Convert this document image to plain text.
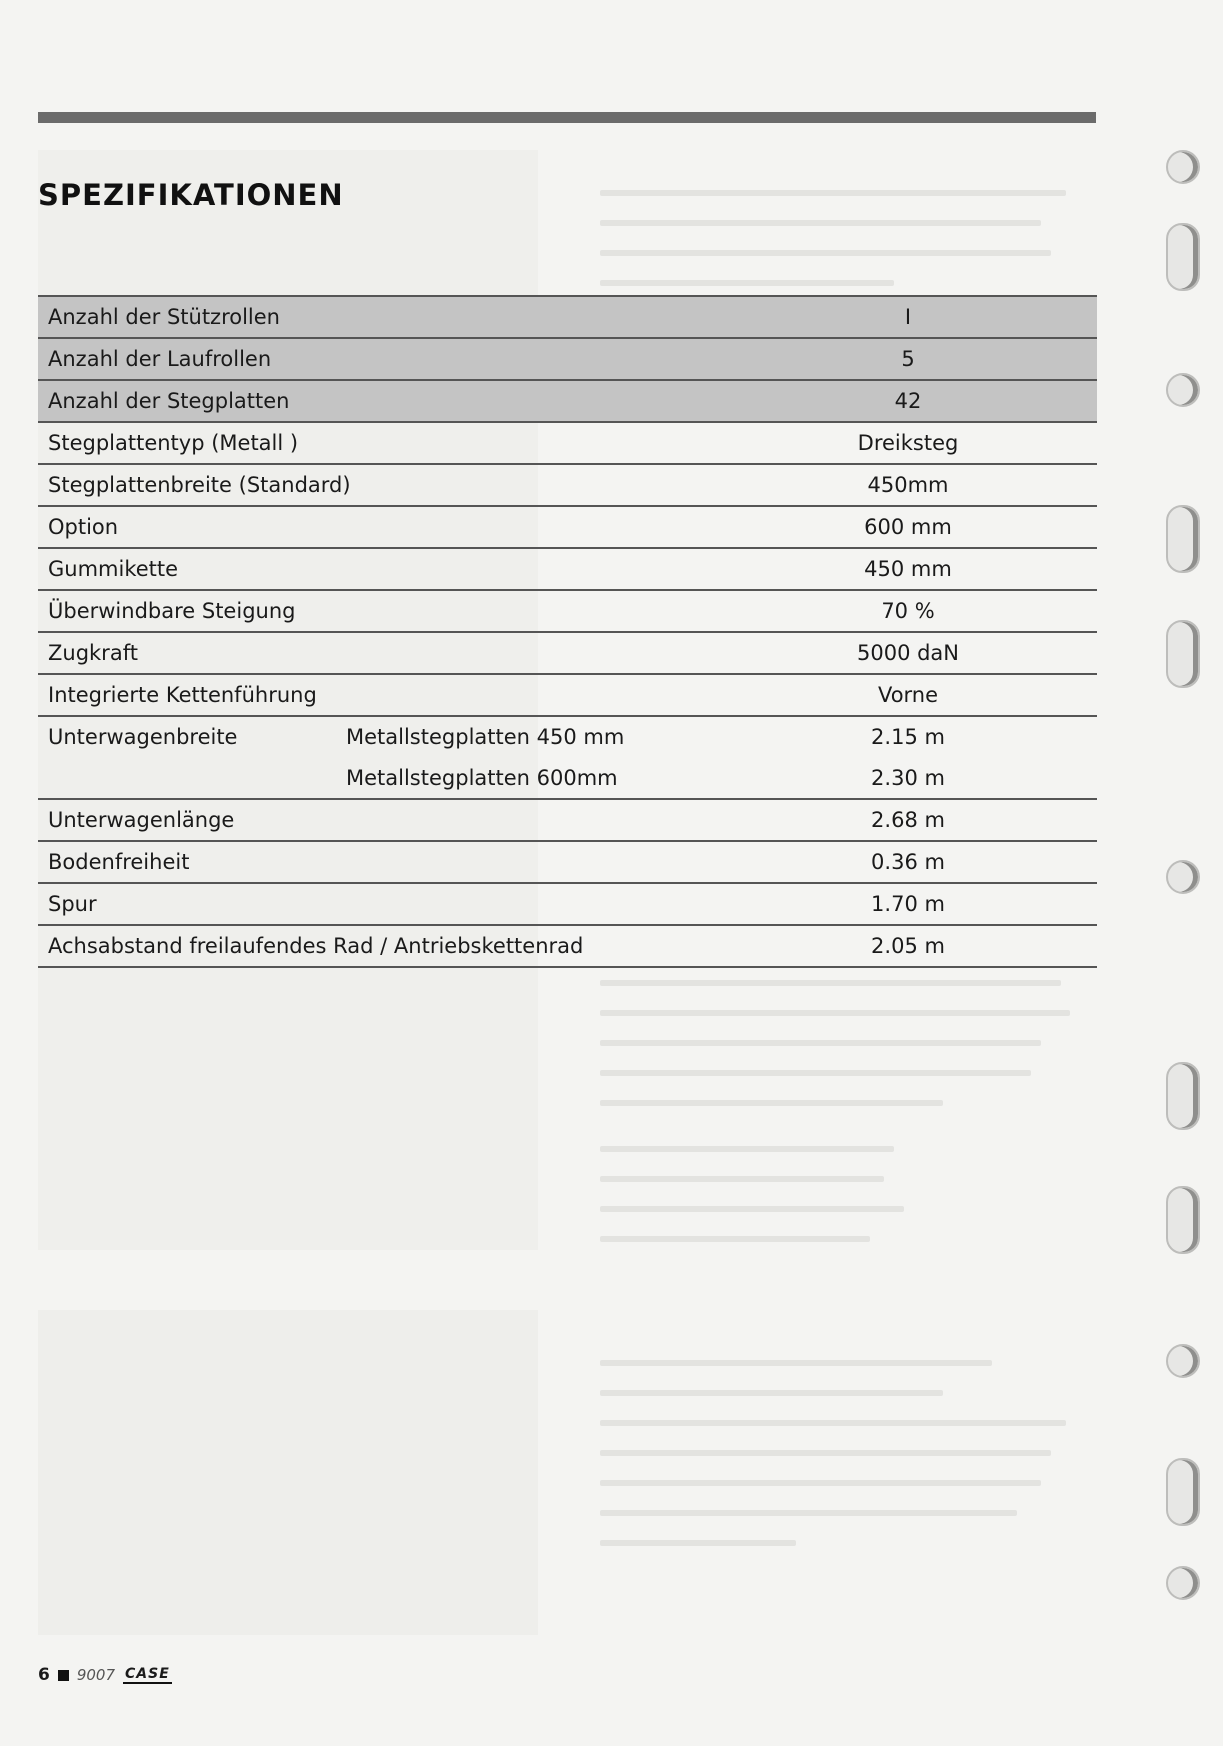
SPEZIFIKATIONEN
Anzahl der Stützrollen	I
Anzahl der Laufrollen	5
Anzahl der Stegplatten	42
Stegplattentyp (Metall )	Dreiksteg
Stegplattenbreite (Standard)	450mm
Option	600 mm
Gummikette	450 mm
Überwindbare Steigung	70 %
Zugkraft	5000 daN
Integrierte Kettenführung	Vorne
Unterwagenbreite	Metallstegplatten 450 mm	2.15 m
Metallstegplatten 600mm	2.30 m
Unterwagenlänge	2.68 m
Bodenfreiheit	0.36 m
Spur	1.70 m
Achsabstand freilaufendes Rad / Antriebskettenrad	2.05 m
6 9007 CASE
